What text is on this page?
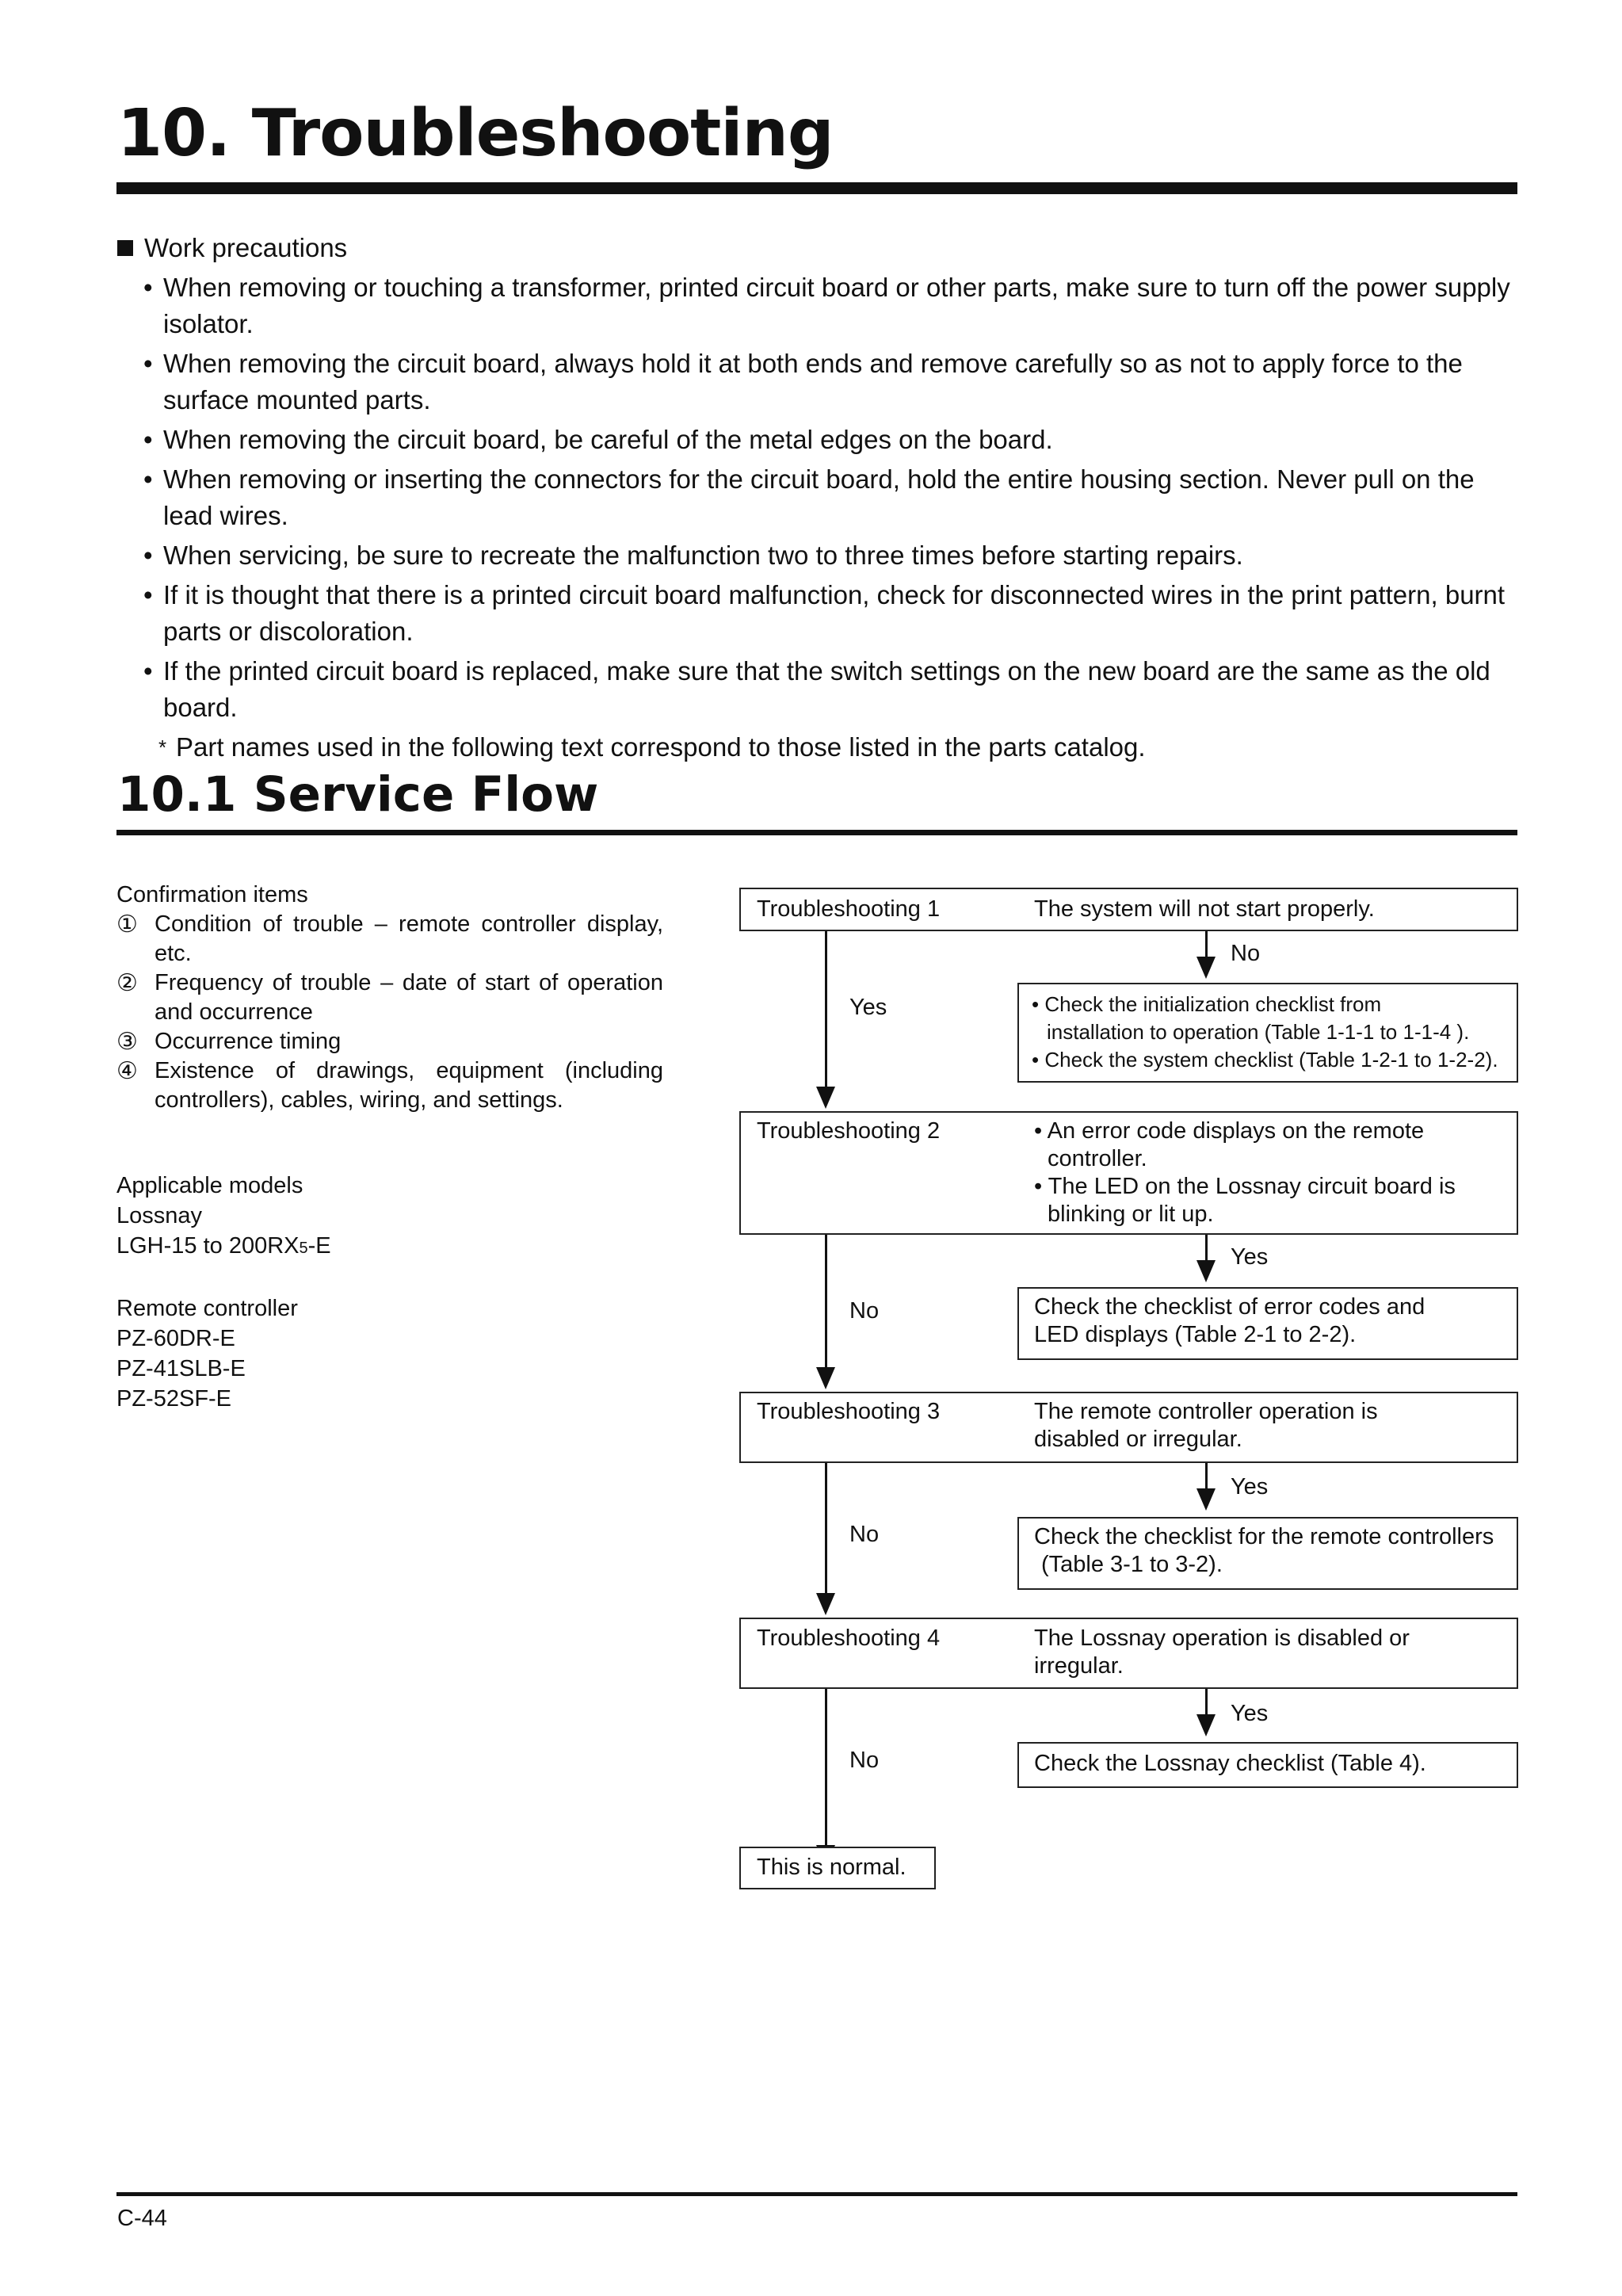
10. Troubleshooting
Work precautions
• When removing or touching a transformer, printed circuit board or other parts, make sure to turn off the power supply isolator.
• When removing the circuit board, always hold it at both ends and remove carefully so as not to apply force to the surface mounted parts.
• When removing the circuit board, be careful of the metal edges on the board.
• When removing or inserting the connectors for the circuit board, hold the entire housing section. Never pull on the lead wires.
• When servicing, be sure to recreate the malfunction two to three times before starting repairs.
• If it is thought that there is a printed circuit board malfunction, check for disconnected wires in the print pattern, burnt parts or discoloration.
• If the printed circuit board is replaced, make sure that the switch settings on the new board are the same as the old board.
* Part names used in the following text correspond to those listed in the parts catalog.
10.1 Service Flow
Confirmation items
① Condition of trouble – remote controller display, etc.
② Frequency of trouble – date of start of operation and occurrence
③ Occurrence timing
④ Existence of drawings, equipment (including controllers), cables, wiring, and settings.
Applicable models
Lossnay
LGH-15 to 200RX5-E
Remote controller
PZ-60DR-E
PZ-41SLB-E
PZ-52SF-E
Troubleshooting 1	The system will not start properly.
No
• Check the initialization checklist from
installation to operation (Table 1-1-1 to 1-1-4 ).
• Check the system checklist (Table 1-2-1 to 1-2-2).
Yes
Troubleshooting 2	• An error code displays on the remote
controller.
• The LED on the Lossnay circuit board is
blinking or lit up.
Yes
Check the checklist of error codes and
LED displays (Table 2-1 to 2-2).
No
Troubleshooting 3	The remote controller operation is
disabled or irregular.
Yes
Check the checklist for the remote controllers
(Table 3-1 to 3-2).
No
Troubleshooting 4	The Lossnay operation is disabled or
irregular.
Yes
Check the Lossnay checklist (Table 4).
No
This is normal.
C-44
